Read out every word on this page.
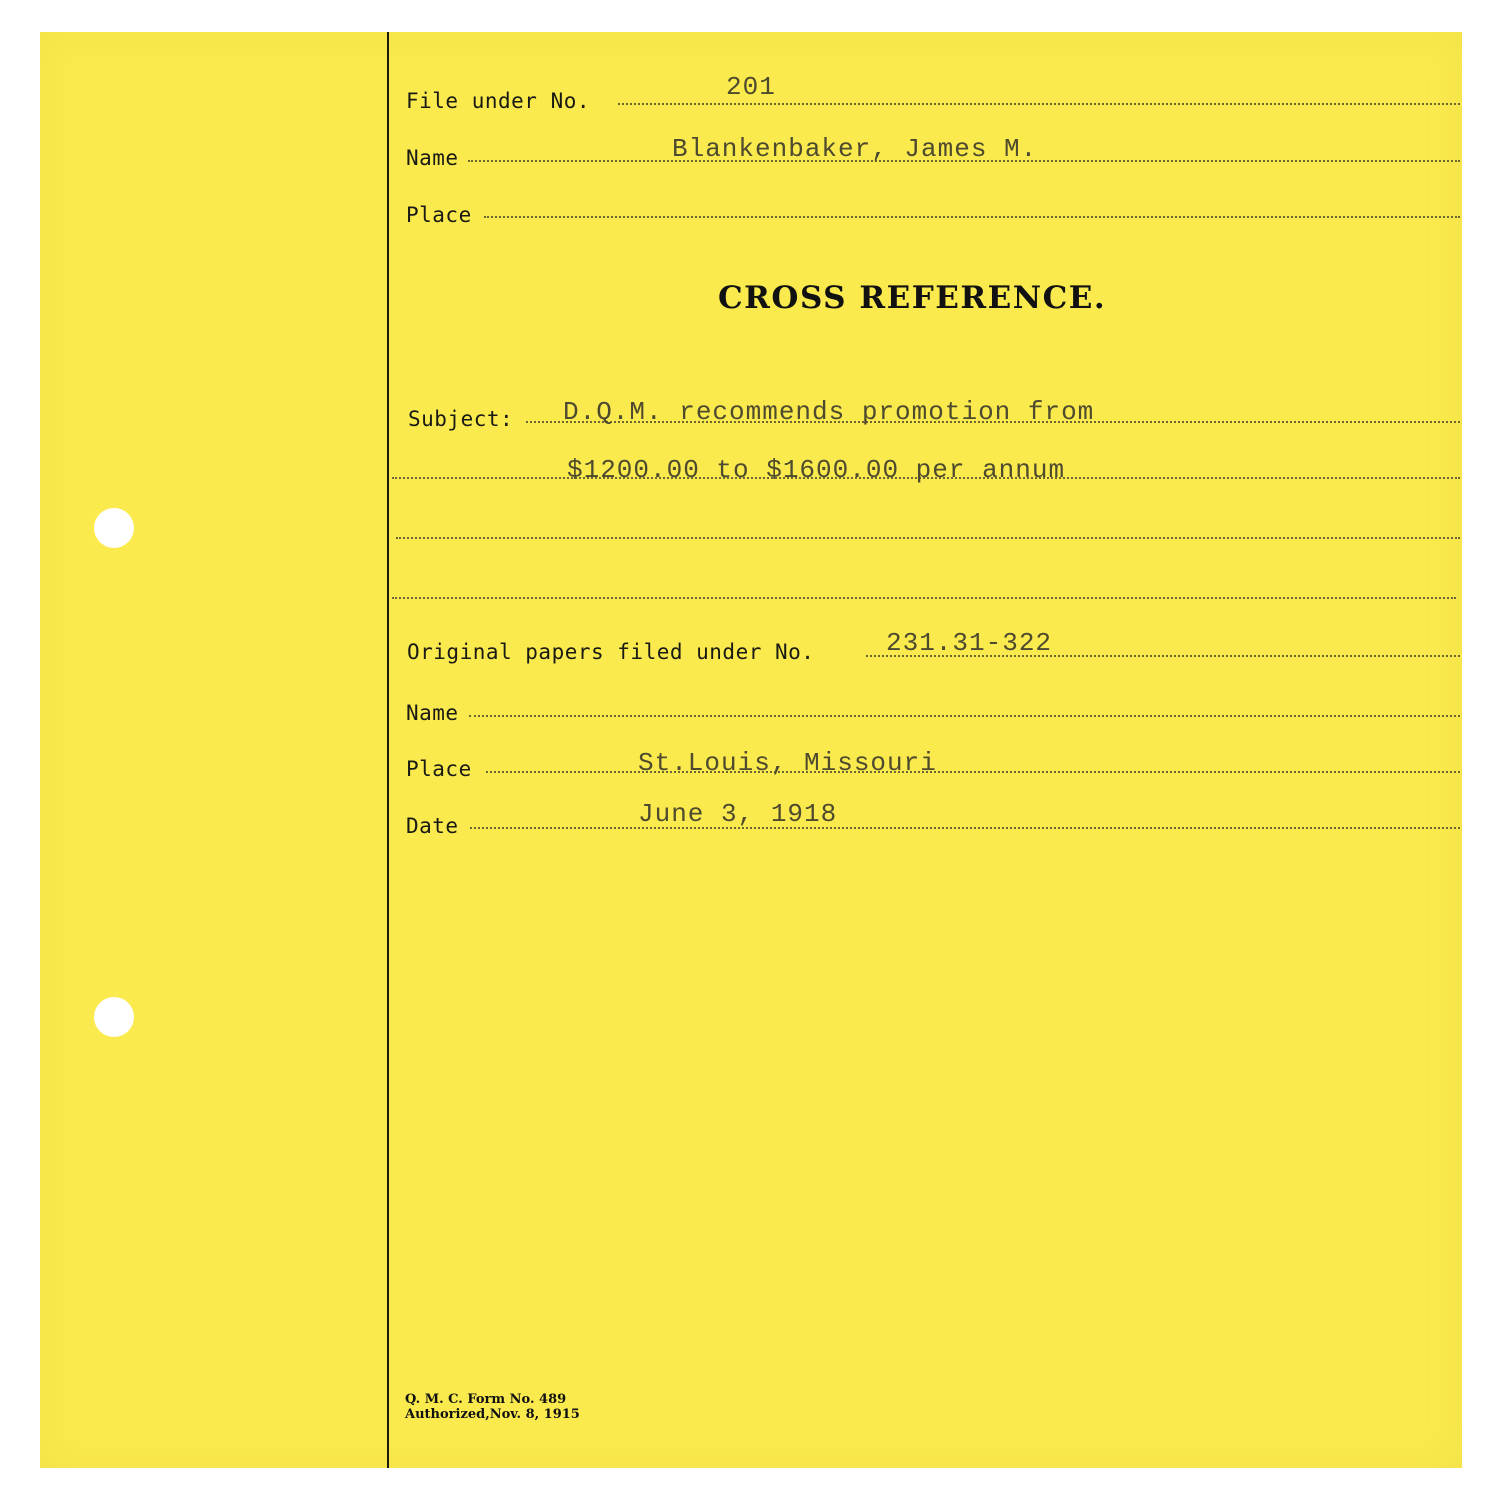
File under No.	201
Name	Blankenbaker, James M.
Place
CROSS REFERENCE.
Subject: D.Q.M. recommends promotion from
$1200.00 to $1600.00 per annum
Original papers filed under No.	231.31-322
Name
Place	St.Louis, Missouri
Date	June 3, 1918
Q. M. C. Form No. 489
Authorized,Nov. 8, 1915
